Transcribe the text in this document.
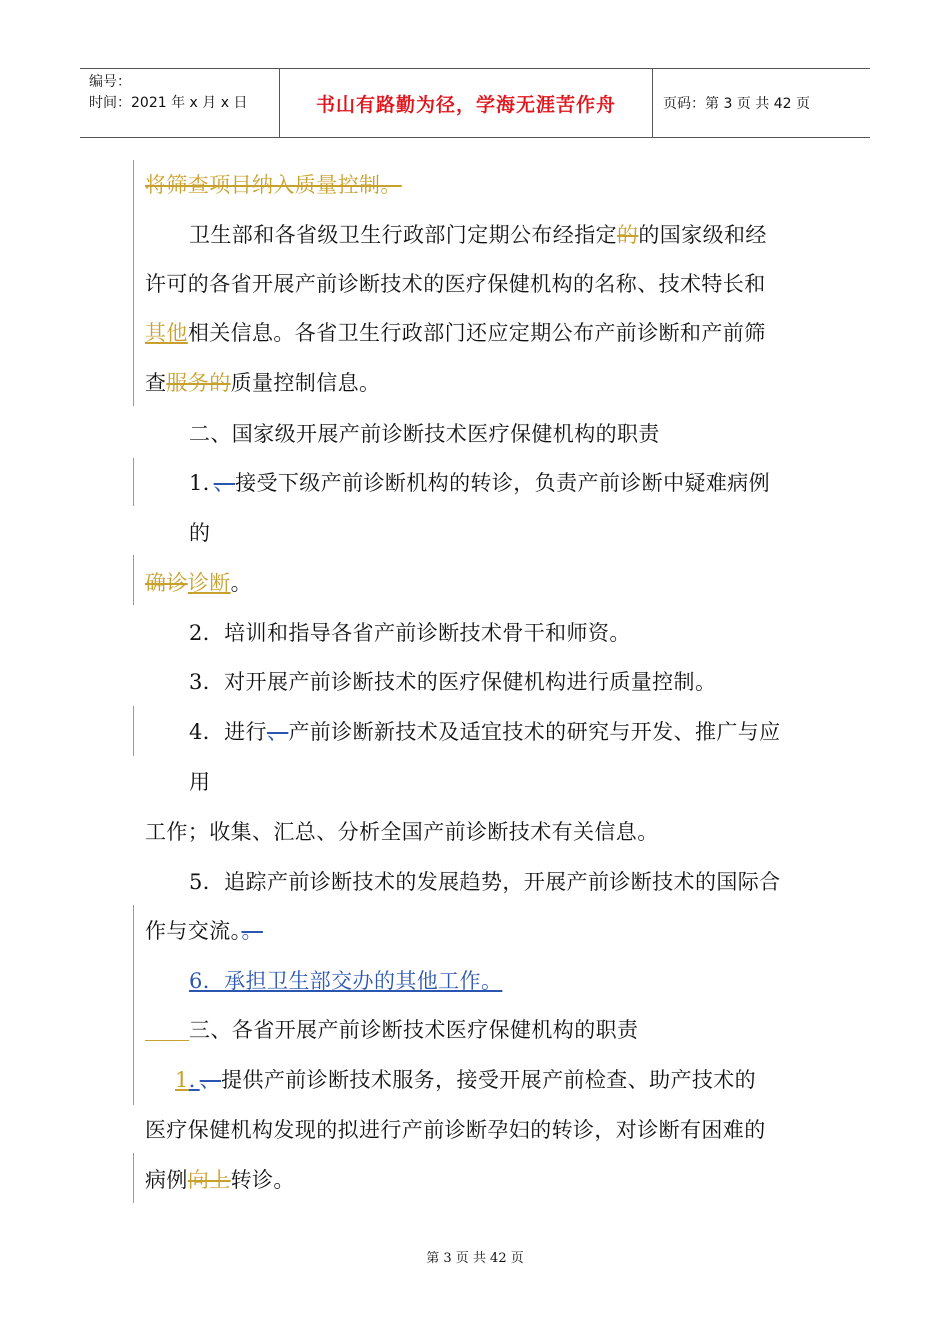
编号：
时间：2021 年 x 月 x 日	书山有路勤为径，学海无涯苦作舟	页码：第 3 页 共 42 页
将筛查项目纳入质量控制。
卫生部和各省级卫生行政部门定期公布经指定的的国家级和经
许可的各省开展产前诊断技术的医疗保健机构的名称、技术特长和
其他相关信息。各省卫生行政部门还应定期公布产前诊断和产前筛
查服务的质量控制信息。
二、国家级开展产前诊断技术医疗保健机构的职责
1．、接受下级产前诊断机构的转诊，负责产前诊断中疑难病例
的
确诊诊断。
2．培训和指导各省产前诊断技术骨干和师资。
3．对开展产前诊断技术的医疗保健机构进行质量控制。
4．进行、产前诊断新技术及适宜技术的研究与开发、推广与应
用
工作；收集、汇总、分析全国产前诊断技术有关信息。
5．追踪产前诊断技术的发展趋势，开展产前诊断技术的国际合
作与交流。。
6．承担卫生部交办的其他工作。
三、各省开展产前诊断技术医疗保健机构的职责
1．、提供产前诊断技术服务，接受开展产前检查、助产技术的
医疗保健机构发现的拟进行产前诊断孕妇的转诊，对诊断有困难的
病例向上转诊。
第 3 页 共 42 页
